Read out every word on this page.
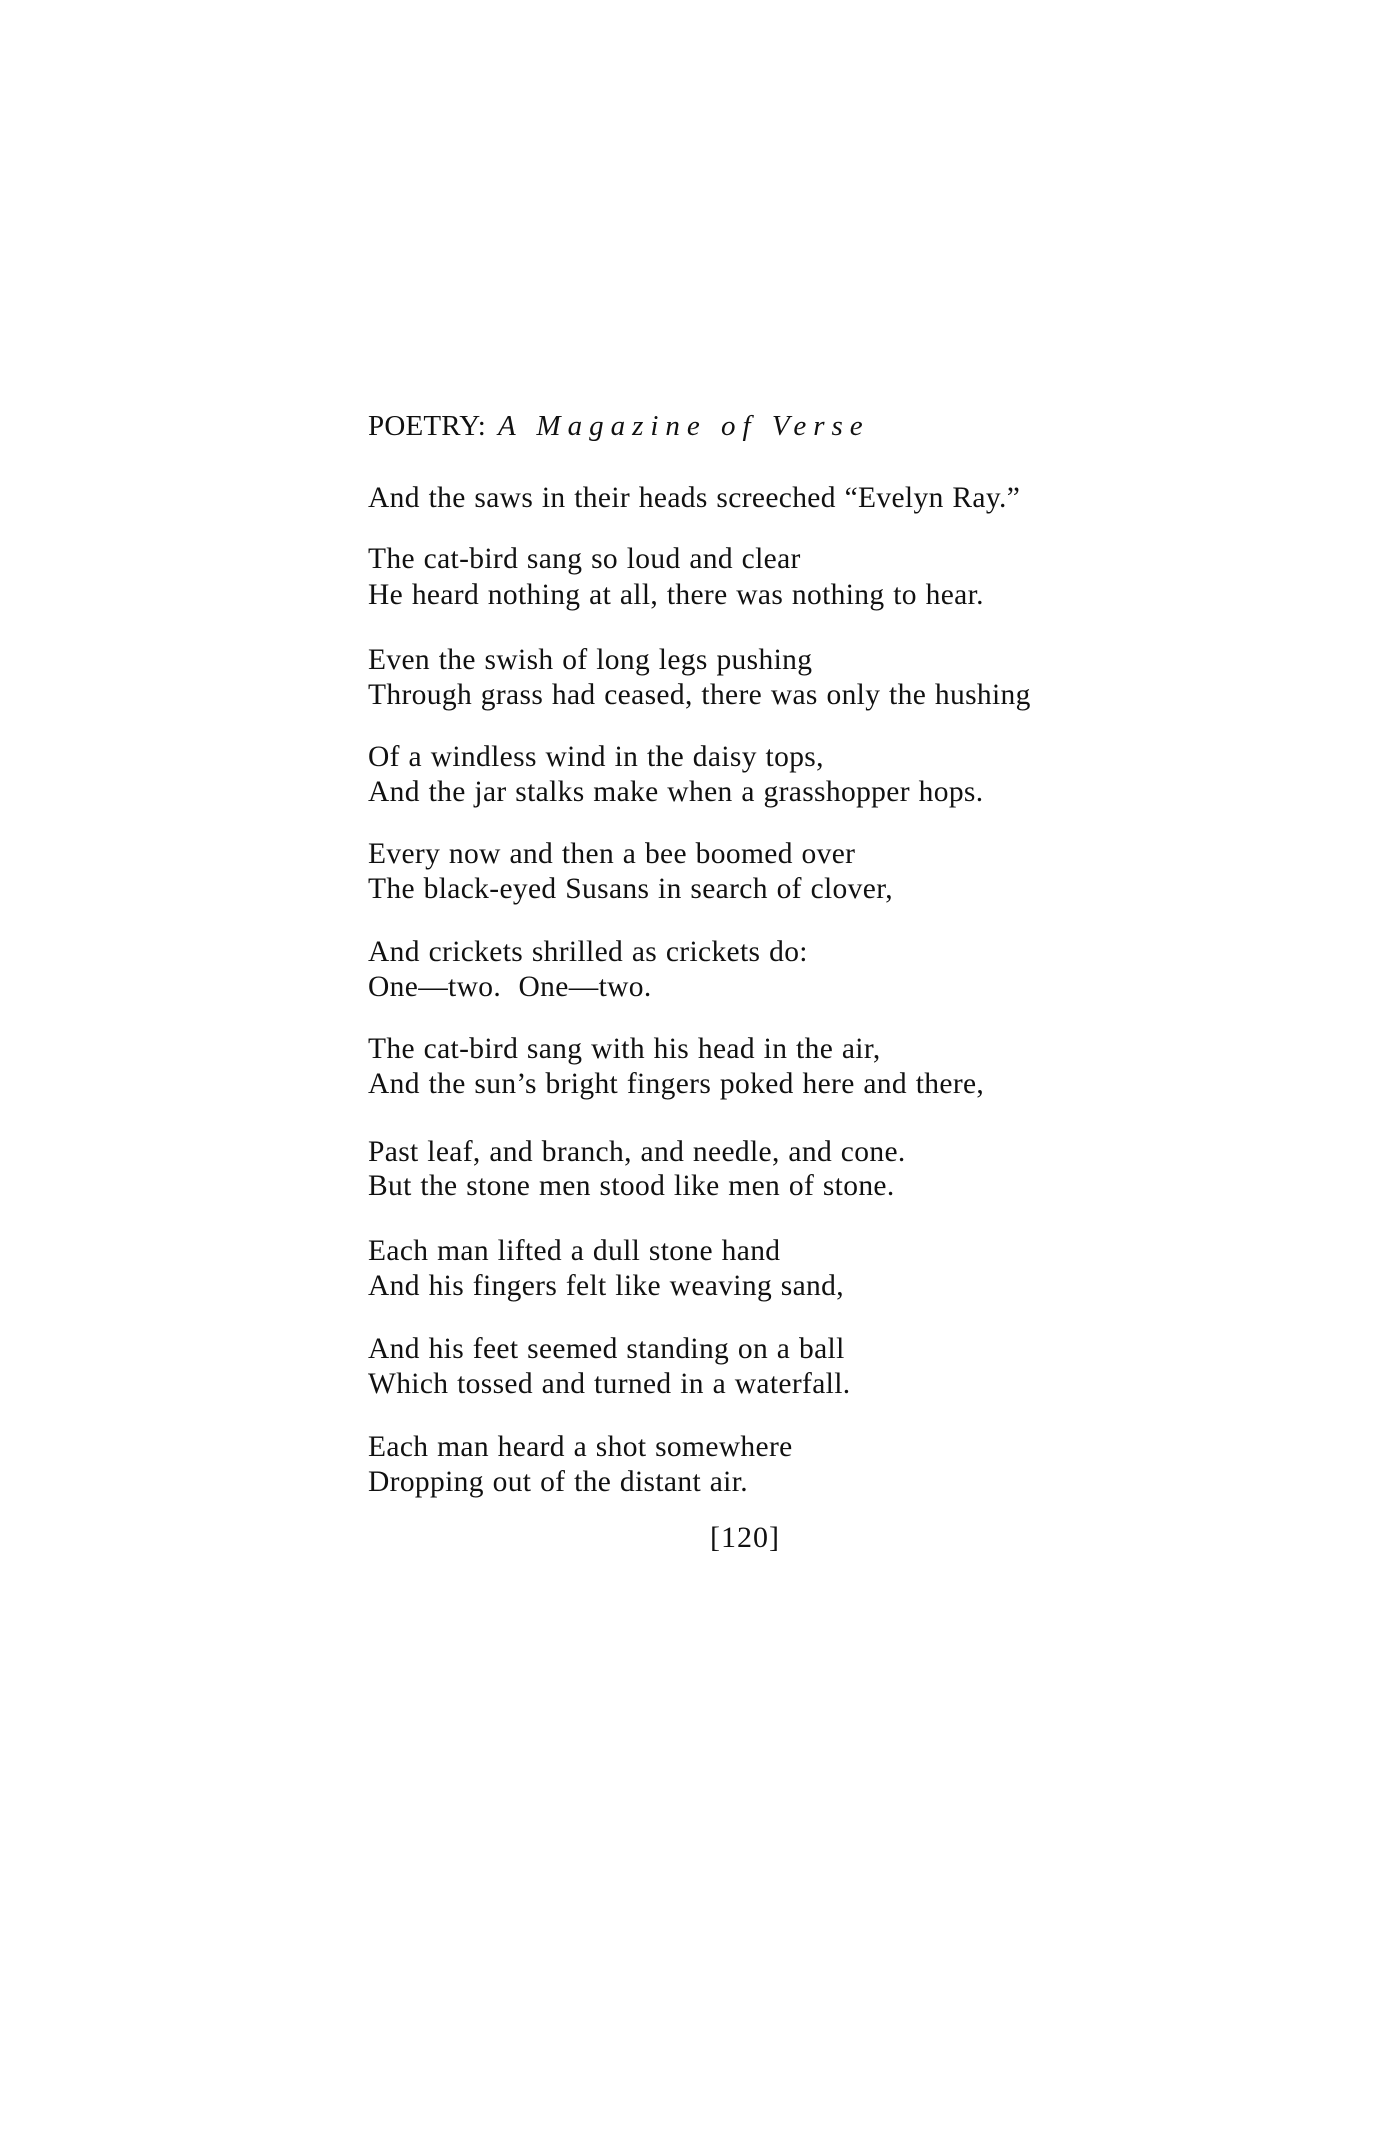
POETRY: A Magazine of Verse
And the saws in their heads screeched “Evelyn Ray.”
The cat-bird sang so loud and clear
He heard nothing at all, there was nothing to hear.
Even the swish of long legs pushing
Through grass had ceased, there was only the hushing
Of a windless wind in the daisy tops,
And the jar stalks make when a grasshopper hops.
Every now and then a bee boomed over
The black-eyed Susans in search of clover,
And crickets shrilled as crickets do:
One—two.  One—two.
The cat-bird sang with his head in the air,
And the sun’s bright fingers poked here and there,
Past leaf, and branch, and needle, and cone.
But the stone men stood like men of stone.
Each man lifted a dull stone hand
And his fingers felt like weaving sand,
And his feet seemed standing on a ball
Which tossed and turned in a waterfall.
Each man heard a shot somewhere
Dropping out of the distant air.
[120]
